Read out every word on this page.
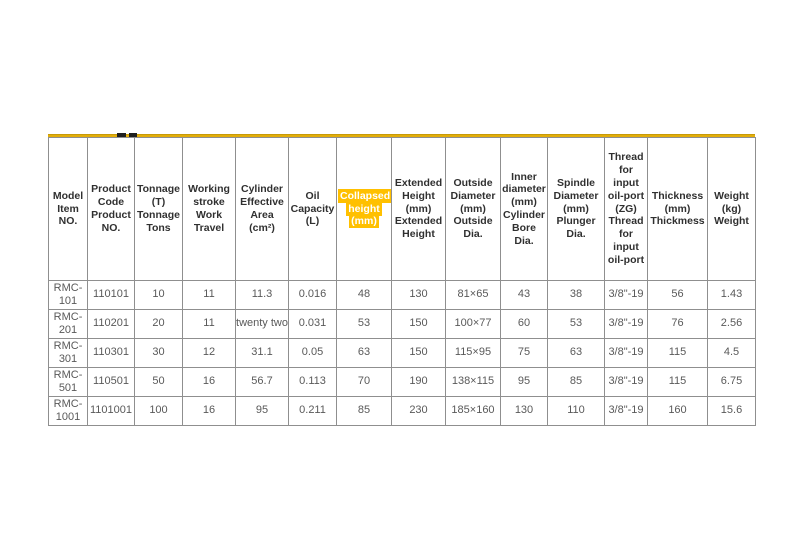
Model Item NO.	Product Code Product NO.	Tonnage (T) Tonnage Tons	Working stroke Work Travel	Cylinder Effective Area (cm²)	Oil Capacity (L)	Collapsed height (mm)	Extended Height (mm) Extended Height	Outside Diameter (mm) Outside Dia.	Inner diameter (mm) Cylinder Bore Dia.	Spindle Diameter (mm) Plunger Dia.	Thread for input oil-port (ZG) Thread for input oil-port	Thickness (mm) Thickmess	Weight (kg) Weight
RMC-101	110101	10	11	11.3	0.016	48	130	81×65	43	38	3/8"-19	56	1.43
RMC-201	110201	20	11	twenty two	0.031	53	150	100×77	60	53	3/8"-19	76	2.56
RMC-301	110301	30	12	31.1	0.05	63	150	115×95	75	63	3/8"-19	115	4.5
RMC-501	110501	50	16	56.7	0.113	70	190	138×115	95	85	3/8"-19	115	6.75
RMC-1001	1101001	100	16	95	0.211	85	230	185×160	130	110	3/8"-19	160	15.6
